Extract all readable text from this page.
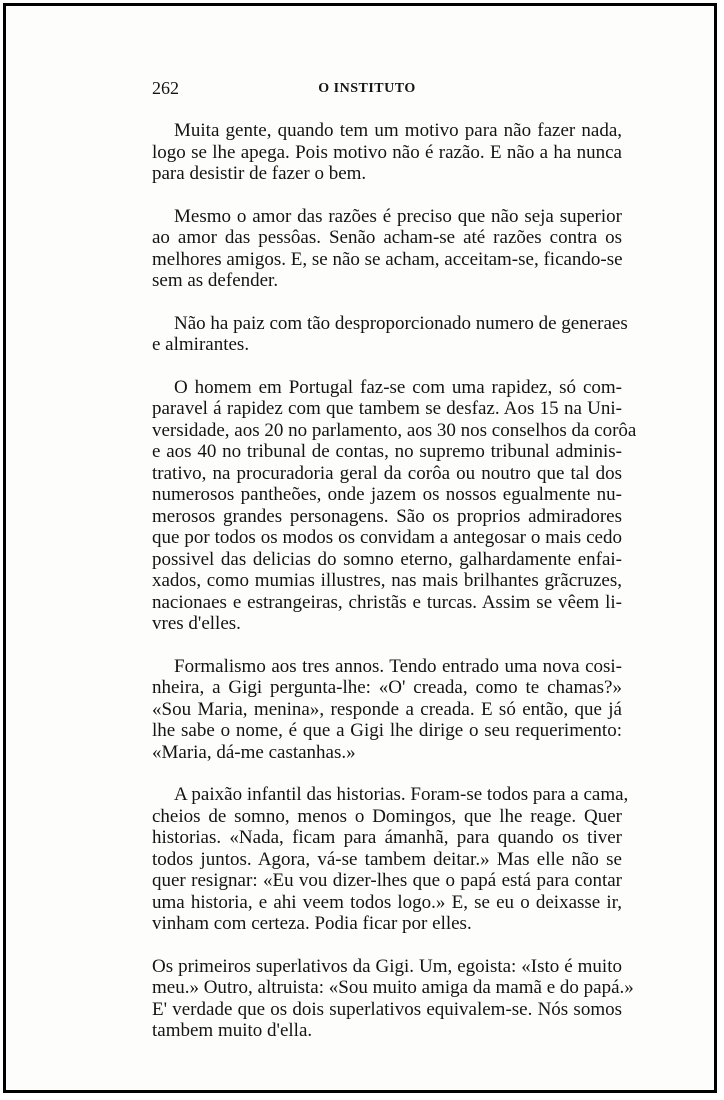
262	O INSTITUTO

Muita gente, quando tem um motivo para não fazer nada,
logo se lhe apega. Pois motivo não é razão. E não a ha nunca
para desistir de fazer o bem.

Mesmo o amor das razões é preciso que não seja superior
ao amor das pessôas. Senão acham-se até razões contra os
melhores amigos. E, se não se acham, acceitam-se, ficando-se
sem as defender.

Não ha paiz com tão desproporcionado numero de generaes
e almirantes.

O homem em Portugal faz-se com uma rapidez, só com-
paravel á rapidez com que tambem se desfaz. Aos 15 na Uni-
versidade, aos 20 no parlamento, aos 30 nos conselhos da corôa
e aos 40 no tribunal de contas, no supremo tribunal adminis-
trativo, na procuradoria geral da corôa ou noutro que tal dos
numerosos pantheões, onde jazem os nossos egualmente nu-
merosos grandes personagens. São os proprios admiradores
que por todos os modos os convidam a antegosar o mais cedo
possivel das delicias do somno eterno, galhardamente enfai-
xados, como mumias illustres, nas mais brilhantes grãcruzes,
nacionaes e estrangeiras, christãs e turcas. Assim se vêem li-
vres d'elles.

Formalismo aos tres annos. Tendo entrado uma nova cosi-
nheira, a Gigi pergunta-lhe: «O' creada, como te chamas?»
«Sou Maria, menina», responde a creada. E só então, que já
lhe sabe o nome, é que a Gigi lhe dirige o seu requerimento:
«Maria, dá-me castanhas.»

A paixão infantil das historias. Foram-se todos para a cama,
cheios de somno, menos o Domingos, que lhe reage. Quer
historias. «Nada, ficam para ámanhã, para quando os tiver
todos juntos. Agora, vá-se tambem deitar.» Mas elle não se
quer resignar: «Eu vou dizer-lhes que o papá está para contar
uma historia, e ahi veem todos logo.» E, se eu o deixasse ir,
vinham com certeza. Podia ficar por elles.

Os primeiros superlativos da Gigi. Um, egoista: «Isto é muito
meu.» Outro, altruista: «Sou muito amiga da mamã e do papá.»
E' verdade que os dois superlativos equivalem-se. Nós somos
tambem muito d'ella.
